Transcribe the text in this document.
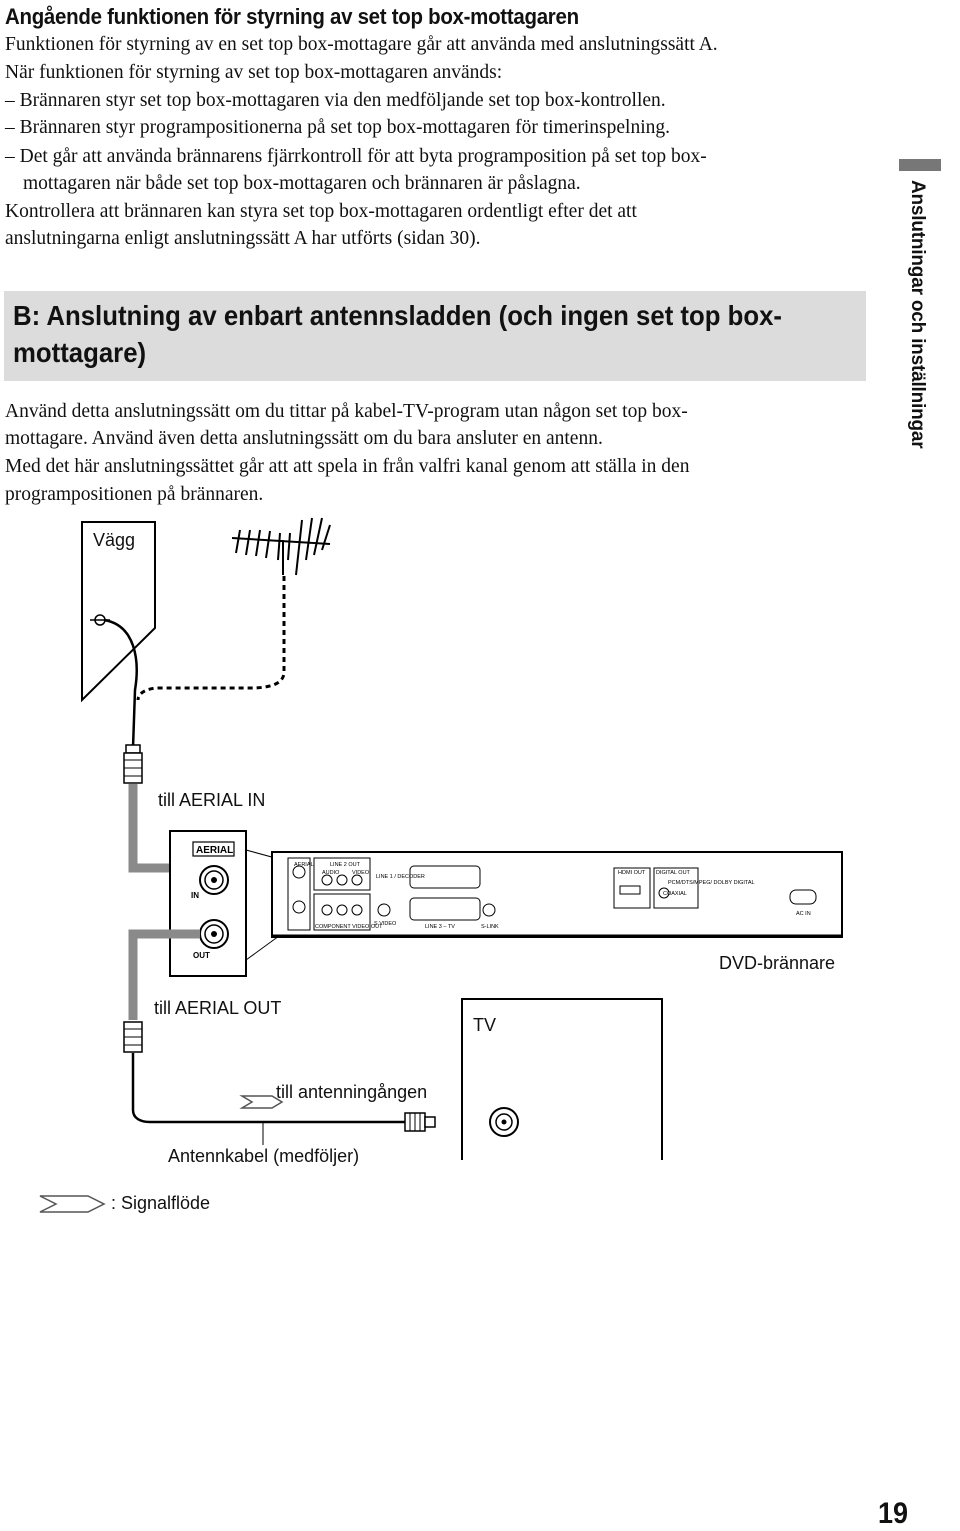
Angående funktionen för styrning av set top box-mottagaren
Funktionen för styrning av en set top box-mottagare går att använda med anslutningssätt A.
När funktionen för styrning av set top box-mottagaren används:
– Brännaren styr set top box-mottagaren via den medföljande set top box-kontrollen.
– Brännaren styr programpositionerna på set top box-mottagaren för timerinspelning.
– Det går att använda brännarens fjärrkontroll för att byta programposition på set top box-
mottagaren när både set top box-mottagaren och brännaren är påslagna.
Kontrollera att brännaren kan styra set top box-mottagaren ordentligt efter det att
anslutningarna enligt anslutningssätt A har utförts (sidan 30).
B: Anslutning av enbart antennsladden (och ingen set top box-
mottagare)
Använd detta anslutningssätt om du tittar på kabel-TV-program utan någon set top box-
mottagare. Använd även detta anslutningssätt om du bara ansluter en antenn.
Med det här anslutningssättet går att att spela in från valfri kanal genom att ställa in den
programpositionen på brännaren.
Anslutningar och inställningar
AERIAL	LINE 2 OUT
AUDIO VIDEO
LINE 1 / DECODER
COMPONENT VIDEO OUT
S VIDEO	LINE 3 – TV	S-LINK
HDMI OUT DIGITAL OUT
PCM/DTS/MPEG/ DOLBY DIGITAL
COAXIAL
AC IN
AERIAL
IN
OUT
Vägg
till AERIAL IN
DVD-brännare
till AERIAL OUT
TV
till antenningången
Antennkabel (medföljer)
: Signalflöde
19
